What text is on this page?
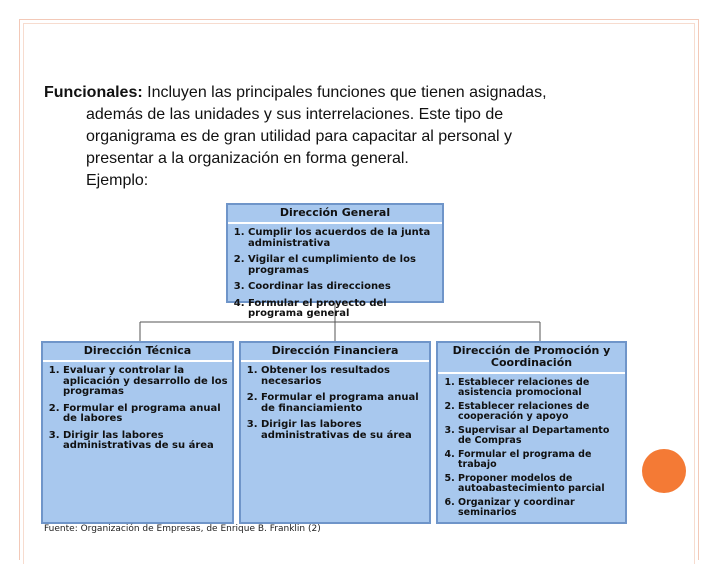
Funcionales: Incluyen las principales funciones que tienen asignadas,
además de las unidades y sus interrelaciones. Este tipo de
organigrama es de gran utilidad para capacitar al personal y
presentar a la organización en forma general.
Ejemplo:

Dirección General
1. Cumplir los acuerdos de la junta administrativa
2. Vigilar el cumplimiento de los programas
3. Coordinar las direcciones
4. Formular el proyecto del programa general
Dirección Técnica
1. Evaluar y controlar la aplicación y desarrollo de los programas
2. Formular el programa anual de labores
3. Dirigir las labores administrativas de su área
Dirección Financiera
1. Obtener los resultados necesarios
2. Formular el programa anual de financiamiento
3. Dirigir las labores administrativas de su área
Dirección de Promoción y Coordinación
1. Establecer relaciones de asistencia promocional
2. Establecer relaciones de cooperación y apoyo
3. Supervisar al Departamento de Compras
4. Formular el programa de trabajo
5. Proponer modelos de autoabastecimiento parcial
6. Organizar y coordinar seminarios
Fuente: Organización de Empresas, de Enrique B. Franklin (2)
